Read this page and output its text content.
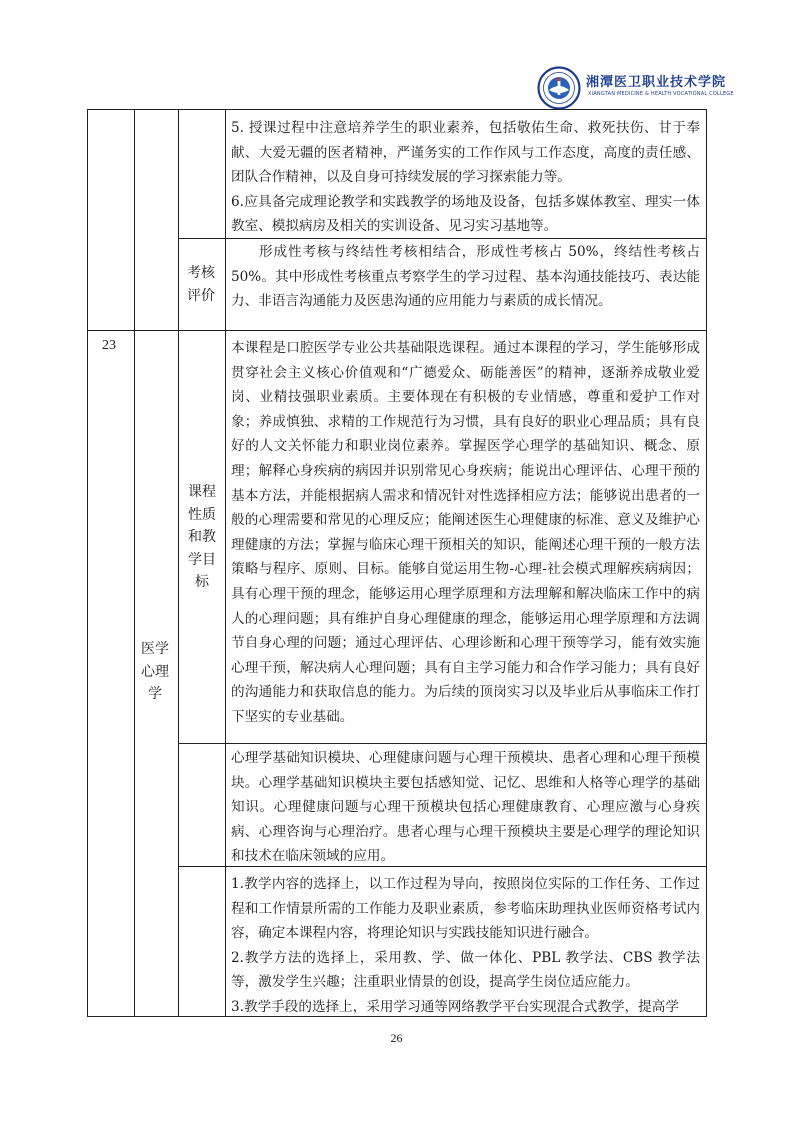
湘潭医卫职业技术学院
XIANGTAN MEDICINE & HEALTH VOCATIONAL COLLEGE

5. 授课过程中注意培养学生的职业素养，包括敬佑生命、救死扶伤、甘于奉献、大爱无疆的医者精神，严谨务实的工作作风与工作态度，高度的责任感、团队合作精神，以及自身可持续发展的学习探索能力等。

6.应具备完成理论教学和实践教学的场地及设备，包括多媒体教室、理实一体教室、模拟病房及相关的实训设备、见习实习基地等。

考核
评价
形成性考核与终结性考核相结合，形成性考核占 50%，终结性考核占 50%。其中形成性考核重点考察学生的学习过程、基本沟通技能技巧、表达能力、非语言沟通能力及医患沟通的应用能力与素质的成长情况。
23
医学
心理
学
课程
性质
和教
学目
标
本课程是口腔医学专业公共基础限选课程。通过本课程的学习，学生能够形成贯穿社会主义核心价值观和“广德爱众、砺能善医”的精神，逐渐养成敬业爱岗、业精技强职业素质。主要体现在有积极的专业情感，尊重和爱护工作对象；养成慎独、求精的工作规范行为习惯，具有良好的职业心理品质；具有良好的人文关怀能力和职业岗位素养。掌握医学心理学的基础知识、概念、原理；解释心身疾病的病因并识别常见心身疾病；能说出心理评估、心理干预的基本方法，并能根据病人需求和情况针对性选择相应方法；能够说出患者的一般的心理需要和常见的心理反应；能阐述医生心理健康的标准、意义及维护心理健康的方法；掌握与临床心理干预相关的知识，能阐述心理干预的一般方法策略与程序、原则、目标。能够自觉运用生物-心理-社会模式理解疾病病因；具有心理干预的理念，能够运用心理学原理和方法理解和解决临床工作中的病人的心理问题；具有维护自身心理健康的理念，能够运用心理学原理和方法调节自身心理的问题；通过心理评估、心理诊断和心理干预等学习，能有效实施心理干预，解决病人心理问题；具有自主学习能力和合作学习能力；具有良好的沟通能力和获取信息的能力。为后续的顶岗实习以及毕业后从事临床工作打下坚实的专业基础。
心理学基础知识模块、心理健康问题与心理干预模块、患者心理和心理干预模块。心理学基础知识模块主要包括感知觉、记忆、思维和人格等心理学的基础知识。心理健康问题与心理干预模块包括心理健康教育、心理应激与心身疾病、心理咨询与心理治疗。患者心理与心理干预模块主要是心理学的理论知识和技术在临床领域的应用。

1.教学内容的选择上，以工作过程为导向，按照岗位实际的工作任务、工作过程和工作情景所需的工作能力及职业素质，参考临床助理执业医师资格考试内容，确定本课程内容，将理论知识与实践技能知识进行融合。

2.教学方法的选择上，采用教、学、做一体化、PBL 教学法、CBS 教学法等，激发学生兴趣；注重职业情景的创设，提高学生岗位适应能力。

3.教学手段的选择上，采用学习通等网络教学平台实现混合式教学，提高学

26
